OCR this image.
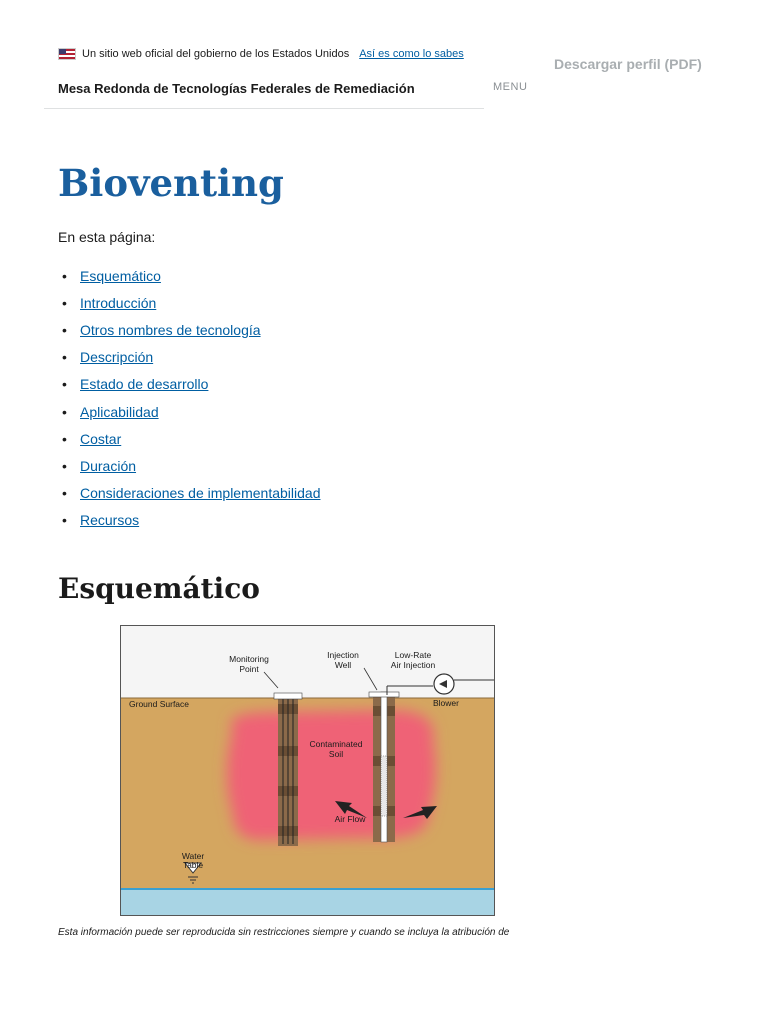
Un sitio web oficial del gobierno de los Estados Unidos Así es como lo sabes
Descargar perfil (PDF)
Mesa Redonda de Tecnologías Federales de Remediación	MENU
Bioventing
En esta página:
• Esquemático
• Introducción
• Otros nombres de tecnología
• Descripción
• Estado de desarrollo
• Aplicabilidad
• Costar
• Duración
• Consideraciones de implementabilidad
• Recursos
Esquemático
Monitoring
Point
Injection
Well
Low-Rate
Air Injection
Blower
Contaminated
Soil
Air Flow
Water
Table
Ground Surface
Esta información puede ser reproducida sin restricciones siempre y cuando se incluya la atribución de
